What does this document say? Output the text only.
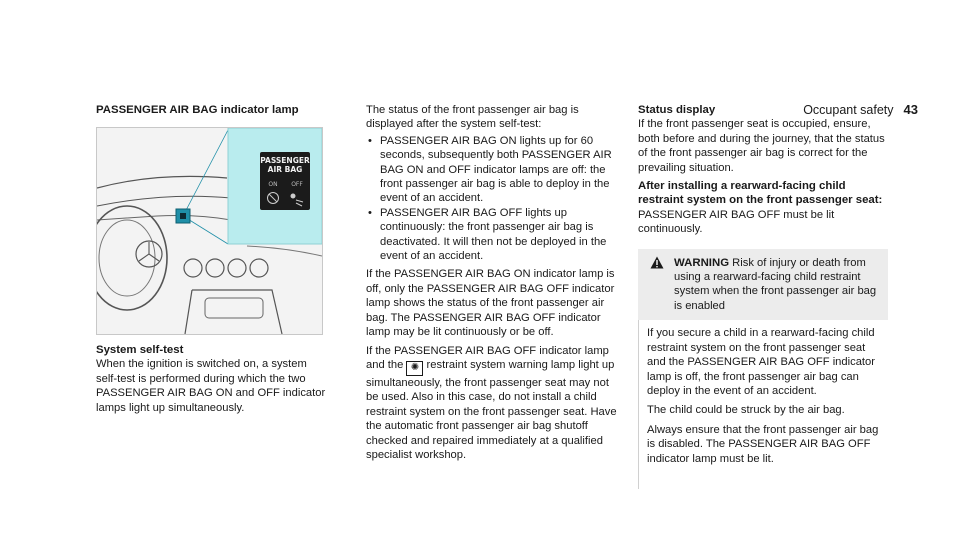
Occupant safety 43

PASSENGER AIR BAG indicator lamp

PASSENGER
AIR BAG
ON OFF

System self-test

When the ignition is switched on, a system self-test is performed during which the two PASSENGER AIR BAG ON and OFF indicator lamps light up simultaneously.

The status of the front passenger air bag is displayed after the system self-test:

• PASSENGER AIR BAG ON lights up for 60 seconds, subsequently both PASSENGER AIR BAG ON and OFF indicator lamps are off: the front passenger air bag is able to deploy in the event of an accident.
• PASSENGER AIR BAG OFF lights up continuously: the front passenger air bag is deactivated. It will then not be deployed in the event of an accident.

If the PASSENGER AIR BAG ON indicator lamp is off, only the PASSENGER AIR BAG OFF indicator lamp shows the status of the front passenger air bag. The PASSENGER AIR BAG OFF indicator lamp may be lit continuously or be off.

If the PASSENGER AIR BAG OFF indicator lamp and the ✺ restraint system warning lamp light up simultaneously, the front passenger seat may not be used. Also in this case, do not install a child restraint system on the front passenger seat. Have the automatic front passenger air bag shutoff checked and repaired immediately at a qualified specialist workshop.

Status display

If the front passenger seat is occupied, ensure, both before and during the journey, that the status of the front passenger air bag is correct for the prevailing situation.

After installing a rearward-facing child restraint system on the front passenger seat: PASSENGER AIR BAG OFF must be lit continuously.

WARNING Risk of injury or death from using a rearward-facing child restraint system when the front passenger air bag is enabled

If you secure a child in a rearward-facing child restraint system on the front passenger seat and the PASSENGER AIR BAG OFF indicator lamp is off, the front passenger air bag can deploy in the event of an accident.

The child could be struck by the air bag.

Always ensure that the front passenger air bag is disabled. The PASSENGER AIR BAG OFF indicator lamp must be lit.
